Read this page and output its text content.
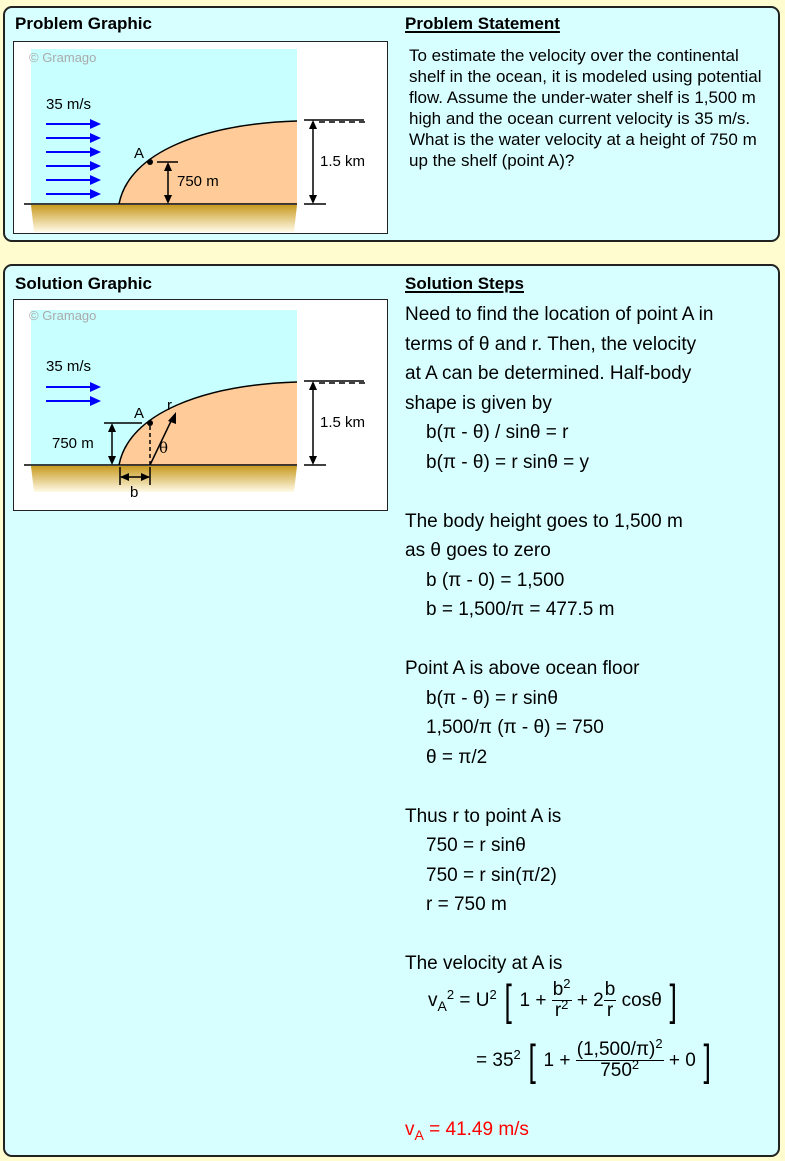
Problem Graphic	Problem Statement
© Gramago
35 m/s
A
750 m
1.5 km
To estimate the velocity over the continental shelf in the ocean, it is modeled using potential flow. Assume the under-water shelf is 1,500 m high and the ocean current velocity is 35 m/s. What is the water velocity at a height of 750 m up the shelf (point A)?
Solution Graphic	Solution Steps
© Gramago
35 m/s
A r
θ
750 m
b
1.5 km

Need to find the location of point A in

terms of θ and r. Then, the velocity

at A can be determined. Half-body

shape is given by

b(π - θ) / sinθ = r

b(π - θ) = r sinθ = y

The body height goes to 1,500 m

as θ goes to zero

b (π - 0) = 1,500

b = 1,500/π = 477.5 m

Point A is above ocean floor

b(π - θ) = r sinθ

1,500/π (π - θ) = 750

θ = π/2

Thus r to point A is

750 = r sinθ

750 = r sin(π/2)

r = 750 m

The velocity at A is

$v_A^2 = U^2$ [ $1 + \frac{b^2}{r^2} + 2 \frac{b}{r}$ cosθ ]
= $35^2$ [ $1 + \frac{(1,500/\pi)^2}{750^2} + 0$ ]

$v_A = 41.49$ m/s
